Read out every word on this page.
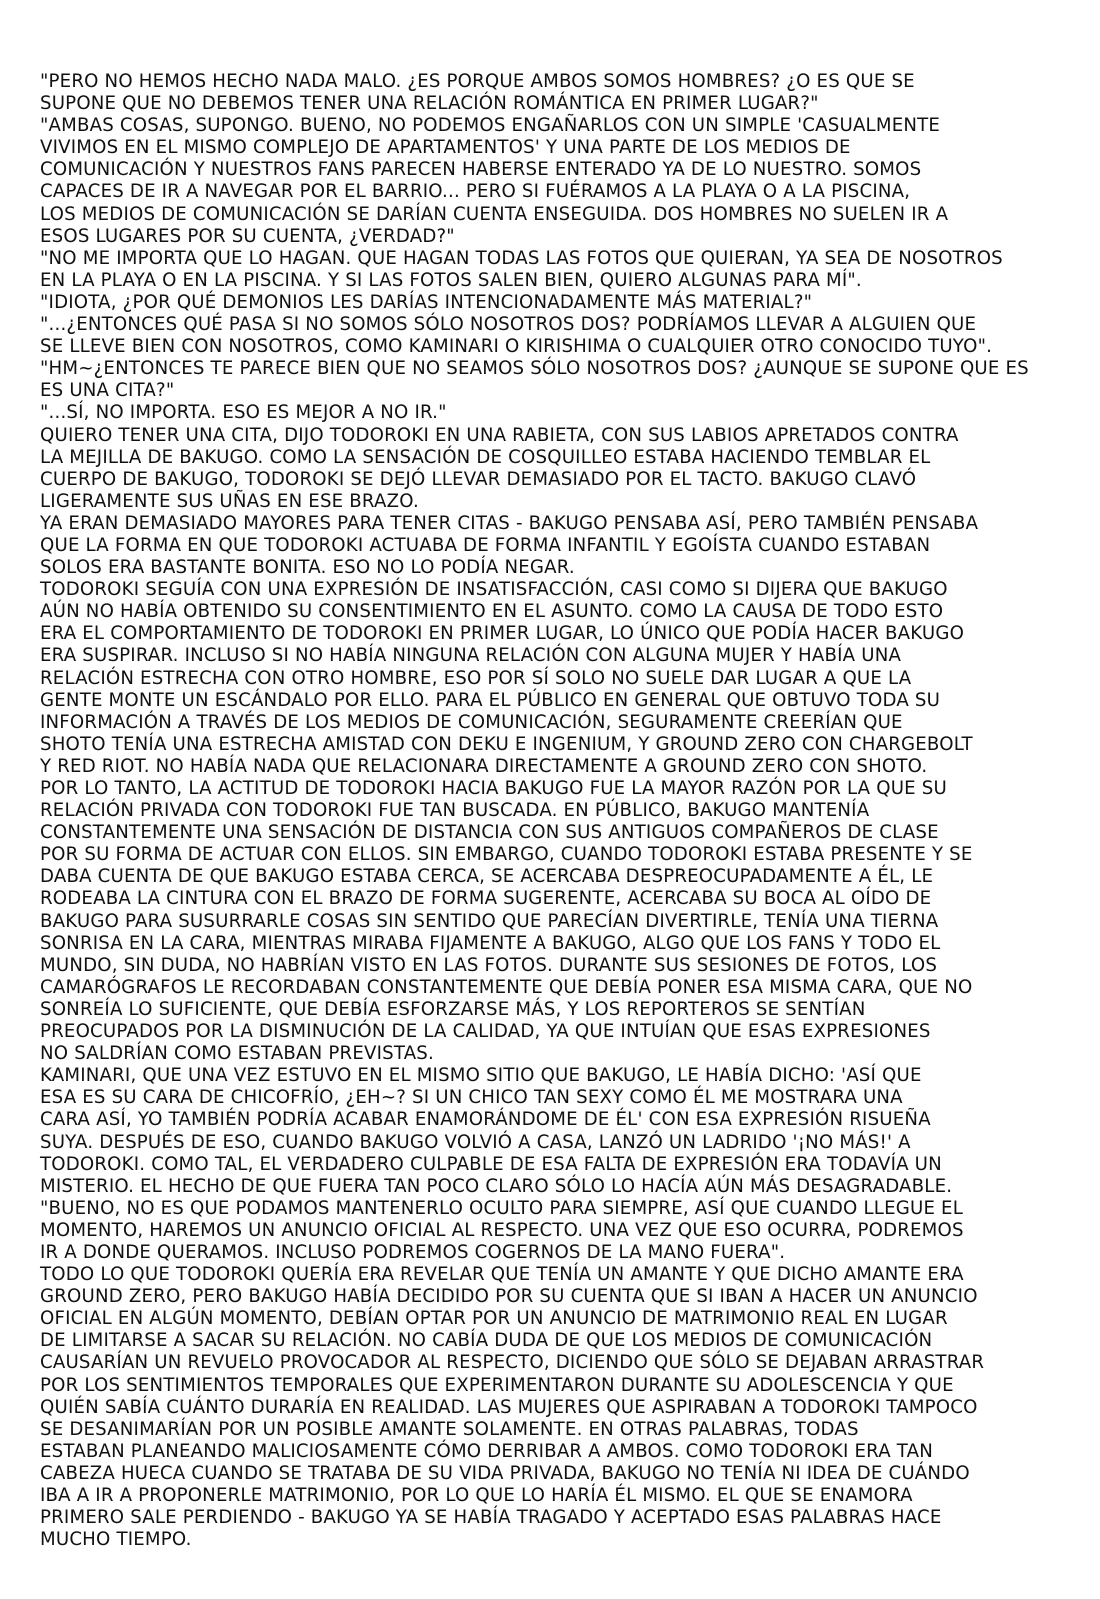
"PERO NO HEMOS HECHO NADA MALO. ¿ES PORQUE AMBOS SOMOS HOMBRES? ¿O ES QUE SE
SUPONE QUE NO DEBEMOS TENER UNA RELACIÓN ROMÁNTICA EN PRIMER LUGAR?"
"AMBAS COSAS, SUPONGO. BUENO, NO PODEMOS ENGAÑARLOS CON UN SIMPLE 'CASUALMENTE
VIVIMOS EN EL MISMO COMPLEJO DE APARTAMENTOS' Y UNA PARTE DE LOS MEDIOS DE
COMUNICACIÓN Y NUESTROS FANS PARECEN HABERSE ENTERADO YA DE LO NUESTRO. SOMOS
CAPACES DE IR A NAVEGAR POR EL BARRIO... PERO SI FUÉRAMOS A LA PLAYA O A LA PISCINA,
LOS MEDIOS DE COMUNICACIÓN SE DARÍAN CUENTA ENSEGUIDA. DOS HOMBRES NO SUELEN IR A
ESOS LUGARES POR SU CUENTA, ¿VERDAD?"
"NO ME IMPORTA QUE LO HAGAN. QUE HAGAN TODAS LAS FOTOS QUE QUIERAN, YA SEA DE NOSOTROS
EN LA PLAYA O EN LA PISCINA. Y SI LAS FOTOS SALEN BIEN, QUIERO ALGUNAS PARA MÍ".
"IDIOTA, ¿POR QUÉ DEMONIOS LES DARÍAS INTENCIONADAMENTE MÁS MATERIAL?"
"...¿ENTONCES QUÉ PASA SI NO SOMOS SÓLO NOSOTROS DOS? PODRÍAMOS LLEVAR A ALGUIEN QUE
SE LLEVE BIEN CON NOSOTROS, COMO KAMINARI O KIRISHIMA O CUALQUIER OTRO CONOCIDO TUYO".
"HM~¿ENTONCES TE PARECE BIEN QUE NO SEAMOS SÓLO NOSOTROS DOS? ¿AUNQUE SE SUPONE QUE ES
ES UNA CITA?"
"...SÍ, NO IMPORTA. ESO ES MEJOR A NO IR."
QUIERO TENER UNA CITA, DIJO TODOROKI EN UNA RABIETA, CON SUS LABIOS APRETADOS CONTRA
LA MEJILLA DE BAKUGO. COMO LA SENSACIÓN DE COSQUILLEO ESTABA HACIENDO TEMBLAR EL
CUERPO DE BAKUGO, TODOROKI SE DEJÓ LLEVAR DEMASIADO POR EL TACTO. BAKUGO CLAVÓ
LIGERAMENTE SUS UÑAS EN ESE BRAZO.
YA ERAN DEMASIADO MAYORES PARA TENER CITAS - BAKUGO PENSABA ASÍ, PERO TAMBIÉN PENSABA
QUE LA FORMA EN QUE TODOROKI ACTUABA DE FORMA INFANTIL Y EGOÍSTA CUANDO ESTABAN
SOLOS ERA BASTANTE BONITA. ESO NO LO PODÍA NEGAR.
TODOROKI SEGUÍA CON UNA EXPRESIÓN DE INSATISFACCIÓN, CASI COMO SI DIJERA QUE BAKUGO
AÚN NO HABÍA OBTENIDO SU CONSENTIMIENTO EN EL ASUNTO. COMO LA CAUSA DE TODO ESTO
ERA EL COMPORTAMIENTO DE TODOROKI EN PRIMER LUGAR, LO ÚNICO QUE PODÍA HACER BAKUGO
ERA SUSPIRAR. INCLUSO SI NO HABÍA NINGUNA RELACIÓN CON ALGUNA MUJER Y HABÍA UNA
RELACIÓN ESTRECHA CON OTRO HOMBRE, ESO POR SÍ SOLO NO SUELE DAR LUGAR A QUE LA
GENTE MONTE UN ESCÁNDALO POR ELLO. PARA EL PÚBLICO EN GENERAL QUE OBTUVO TODA SU
INFORMACIÓN A TRAVÉS DE LOS MEDIOS DE COMUNICACIÓN, SEGURAMENTE CREERÍAN QUE
SHOTO TENÍA UNA ESTRECHA AMISTAD CON DEKU E INGENIUM, Y GROUND ZERO CON CHARGEBOLT
Y RED RIOT. NO HABÍA NADA QUE RELACIONARA DIRECTAMENTE A GROUND ZERO CON SHOTO.
POR LO TANTO, LA ACTITUD DE TODOROKI HACIA BAKUGO FUE LA MAYOR RAZÓN POR LA QUE SU
RELACIÓN PRIVADA CON TODOROKI FUE TAN BUSCADA. EN PÚBLICO, BAKUGO MANTENÍA
CONSTANTEMENTE UNA SENSACIÓN DE DISTANCIA CON SUS ANTIGUOS COMPAÑEROS DE CLASE
POR SU FORMA DE ACTUAR CON ELLOS. SIN EMBARGO, CUANDO TODOROKI ESTABA PRESENTE Y SE
DABA CUENTA DE QUE BAKUGO ESTABA CERCA, SE ACERCABA DESPREOCUPADAMENTE A ÉL, LE
RODEABA LA CINTURA CON EL BRAZO DE FORMA SUGERENTE, ACERCABA SU BOCA AL OÍDO DE
BAKUGO PARA SUSURRARLE COSAS SIN SENTIDO QUE PARECÍAN DIVERTIRLE, TENÍA UNA TIERNA
SONRISA EN LA CARA, MIENTRAS MIRABA FIJAMENTE A BAKUGO, ALGO QUE LOS FANS Y TODO EL
MUNDO, SIN DUDA, NO HABRÍAN VISTO EN LAS FOTOS. DURANTE SUS SESIONES DE FOTOS, LOS
CAMARÓGRAFOS LE RECORDABAN CONSTANTEMENTE QUE DEBÍA PONER ESA MISMA CARA, QUE NO
SONREÍA LO SUFICIENTE, QUE DEBÍA ESFORZARSE MÁS, Y LOS REPORTEROS SE SENTÍAN
PREOCUPADOS POR LA DISMINUCIÓN DE LA CALIDAD, YA QUE INTUÍAN QUE ESAS EXPRESIONES
NO SALDRÍAN COMO ESTABAN PREVISTAS.
KAMINARI, QUE UNA VEZ ESTUVO EN EL MISMO SITIO QUE BAKUGO, LE HABÍA DICHO: 'ASÍ QUE
ESA ES SU CARA DE CHICOFRÍO, ¿EH~? SI UN CHICO TAN SEXY COMO ÉL ME MOSTRARA UNA
CARA ASÍ, YO TAMBIÉN PODRÍA ACABAR ENAMORÁNDOME DE ÉL' CON ESA EXPRESIÓN RISUEÑA
SUYA. DESPUÉS DE ESO, CUANDO BAKUGO VOLVIÓ A CASA, LANZÓ UN LADRIDO '¡NO MÁS!' A
TODOROKI. COMO TAL, EL VERDADERO CULPABLE DE ESA FALTA DE EXPRESIÓN ERA TODAVÍA UN
MISTERIO. EL HECHO DE QUE FUERA TAN POCO CLARO SÓLO LO HACÍA AÚN MÁS DESAGRADABLE.
"BUENO, NO ES QUE PODAMOS MANTENERLO OCULTO PARA SIEMPRE, ASÍ QUE CUANDO LLEGUE EL
MOMENTO, HAREMOS UN ANUNCIO OFICIAL AL RESPECTO. UNA VEZ QUE ESO OCURRA, PODREMOS
IR A DONDE QUERAMOS. INCLUSO PODREMOS COGERNOS DE LA MANO FUERA".
TODO LO QUE TODOROKI QUERÍA ERA REVELAR QUE TENÍA UN AMANTE Y QUE DICHO AMANTE ERA
GROUND ZERO, PERO BAKUGO HABÍA DECIDIDO POR SU CUENTA QUE SI IBAN A HACER UN ANUNCIO
OFICIAL EN ALGÚN MOMENTO, DEBÍAN OPTAR POR UN ANUNCIO DE MATRIMONIO REAL EN LUGAR
DE LIMITARSE A SACAR SU RELACIÓN. NO CABÍA DUDA DE QUE LOS MEDIOS DE COMUNICACIÓN
CAUSARÍAN UN REVUELO PROVOCADOR AL RESPECTO, DICIENDO QUE SÓLO SE DEJABAN ARRASTRAR
POR LOS SENTIMIENTOS TEMPORALES QUE EXPERIMENTARON DURANTE SU ADOLESCENCIA Y QUE
QUIÉN SABÍA CUÁNTO DURARÍA EN REALIDAD. LAS MUJERES QUE ASPIRABAN A TODOROKI TAMPOCO
SE DESANIMARÍAN POR UN POSIBLE AMANTE SOLAMENTE. EN OTRAS PALABRAS, TODAS
ESTABAN PLANEANDO MALICIOSAMENTE CÓMO DERRIBAR A AMBOS. COMO TODOROKI ERA TAN
CABEZA HUECA CUANDO SE TRATABA DE SU VIDA PRIVADA, BAKUGO NO TENÍA NI IDEA DE CUÁNDO
IBA A IR A PROPONERLE MATRIMONIO, POR LO QUE LO HARÍA ÉL MISMO. EL QUE SE ENAMORA
PRIMERO SALE PERDIENDO - BAKUGO YA SE HABÍA TRAGADO Y ACEPTADO ESAS PALABRAS HACE
MUCHO TIEMPO.
